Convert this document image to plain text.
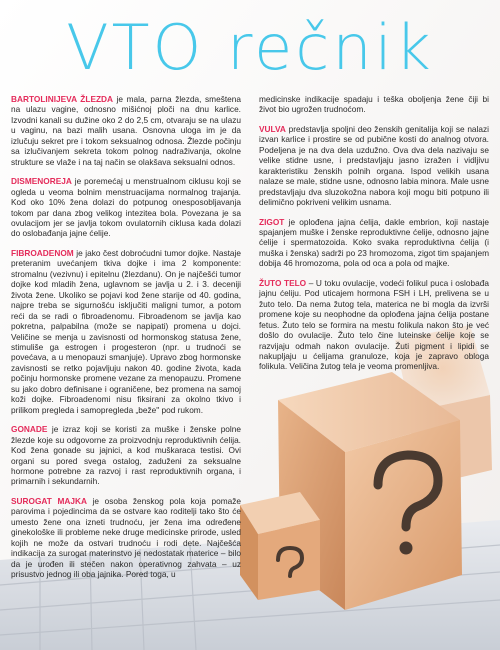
VTO rečnik

BARTOLINIJEVA ŽLEZDA je mala, parna žlezda, smeštena na ulazu vagine, odnosno mišićnoj ploči na dnu karlice. Izvodni kanali su dužine oko 2 do 2,5 cm, otvaraju se na ulazu u vaginu, na bazi malih usana. Osnovna uloga im je da izlučuju sekret pre i tokom seksualnog odnosa. Žlezde počinju sa izlučivanjem sekreta tokom polnog nadraživanja, okolne strukture se vlaže i na taj način se olakšava seksualni odnos.

DISMENOREJA je poremećaj u menstrualnom ciklusu koji se ogleda u veoma bolnim menstruacijama normalnog trajanja. Kod oko 10% žena dolazi do potpunog onesposobljavanja tokom par dana zbog velikog intezitea bola. Povezana je sa ovulacijom jer se javlja tokom ovulatornih ciklusa kada dolazi do oslobađanja jajne ćelije.

FIBROADENOM je jako čest dobroćudni tumor dojke. Nastaje preteranim uvećanjem tkiva dojke i ima 2 komponente: stromalnu (vezivnu) i epitelnu (žlezdanu). On je najčešći tumor dojke kod mladih žena, uglavnom se javlja u 2. i 3. deceniji života žene. Ukoliko se pojavi kod žene starije od 40. godina, najpre treba se sigurnošću isključiti maligni tumor, a potom reći da se radi o fibroadenomu. Fibroadenom se javlja kao pokretna, palpabilna (može se napipati) promena u dojci. Veličine se menja u zavisnosti od hormonskog statusa žene, stimuliše ga estrogen i progesteron (npr. u trudnoći se povećava, a u menopauzi smanjuje). Upravo zbog hormonske zavisnosti se retko pojavljuju nakon 40. godine života, kada počinju hormonske promene vezane za menopauzu. Promene su jako dobro definisane i ograničene, bez promena na samoj koži dojke. Fibroadenomi nisu fiksirani za okolno tkivo i prilikom pregleda i samopregleda „beže" pod rukom.

GONADE je izraz koji se koristi za muške i ženske polne žlezde koje su odgovorne za proizvodnju reproduktivnih ćelija. Kod žena gonade su jajnici, a kod muškaraca testisi. Ovi organi su pored svega ostalog, zaduženi za seksualne hormone potrebne za razvoj i rast reproduktivnih organa, i primarnih i sekundarnih.

SUROGAT MAJKA je osoba ženskog pola koja pomaže parovima i pojedincima da se ostvare kao roditelji tako što će umesto žene ona izneti trudnoću, jer žena ima određene ginekološke ili probleme neke druge medicinske prirode, usled kojih ne može da ostvari trudnoću i rodi dete. Najčešća indikacija za surogat materinstvo je nedostatak materice – bilo da je urođen ili stečen nakon operativnog zahvata – uz prisustvo jednog ili oba jajnika. Pored toga, u

medicinske indikacije spadaju i teška oboljenja žene čiji bi život bio ugrožen trudnoćom.

VULVA predstavlja spoljni deo ženskih genitalija koji se nalazi izvan karlice i prostire se od pubične kosti do analnog otvora. Podeljena je na dva dela uzdužno. Ova dva dela nazivaju se velike stidne usne, i predstavljaju jasno izražen i vidljivu karakteristiku ženskih polnih organa. Ispod velikih usana nalaze se male, stidne usne, odnosno labia minora. Male usne predstavljaju dva sluzokožna nabora koji mogu biti potpuno ili delimično pokriveni velikim usnama.

ZIGOT je oplođena jajna ćelija, dakle embrion, koji nastaje spajanjem muške i ženske reproduktivne ćelije, odnosno jajne ćelije i spermatozoida. Koko svaka reproduktivna ćelija (i muška i ženska) sadrži po 23 hromozoma, zigot tim spajanjem dobija 46 hromozoma, pola od oca a pola od majke.

ŽUTO TELO – U toku ovulacije, vodeći folikul puca i oslobađa jajnu ćeliju. Pod uticajem hormona FSH i LH, prelivena se u žuto telo. Da nema žutog tela, materica ne bi mogla da izvrši promene koje su neophodne da oplođena jajna ćelija postane fetus. Žuto telo se formira na mestu folikula nakon što je već došlo do ovulacije. Žuto telo čine luteinske ćelije koje se razvijaju odmah nakon ovulacije. Žuti pigment i lipidi se nakupljaju u ćelijama granuloze, koja je zapravo obloga folikula. Veličina žutog tela je veoma promenljiva.
